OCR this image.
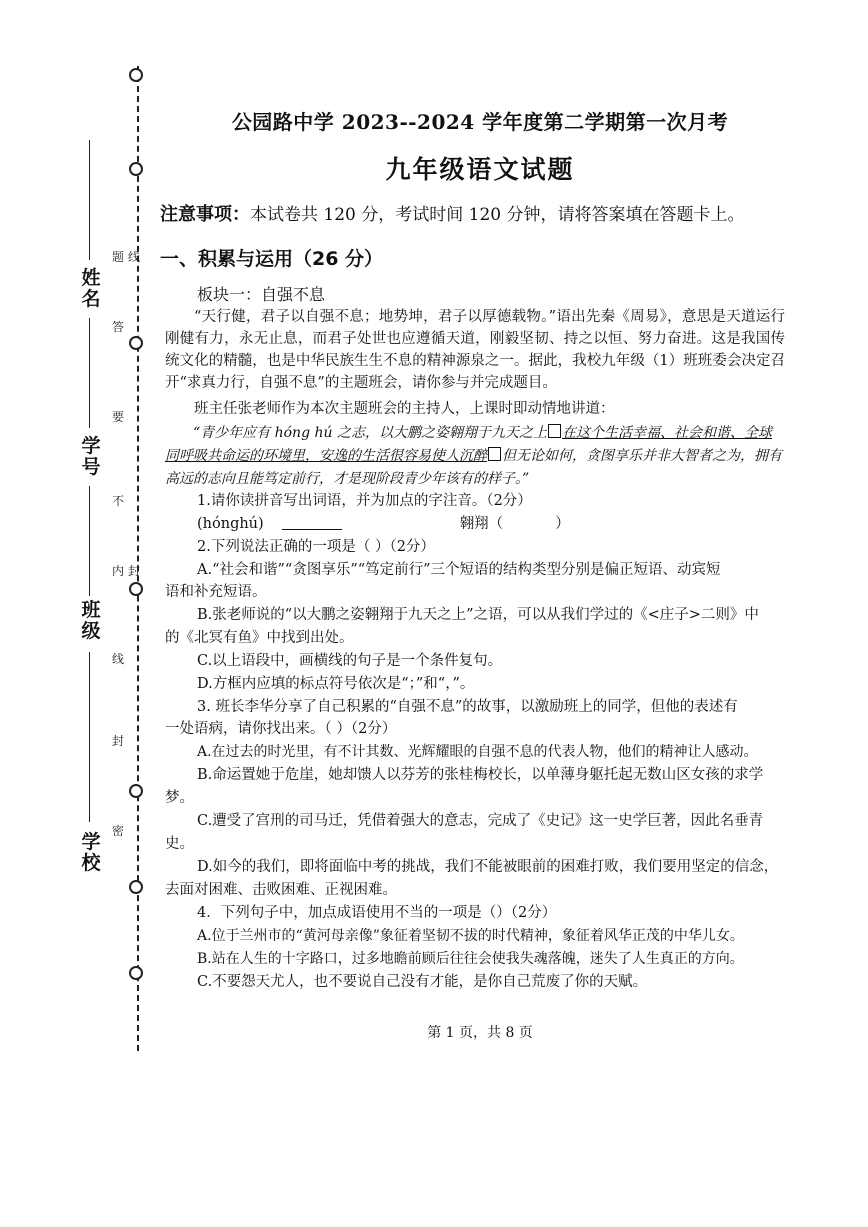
姓名
学号
班级
学校
题 线
答
要
不
内 封
线
封
密
公园路中学 2023--2024 学年度第二学期第一次月考
九年级语文试题
注意事项：本试卷共 120 分，考试时间 120 分钟，请将答案填在答题卡上。
一、积累与运用（26 分）
板块一：自强不息
“天行健，君子以自强不息；地势坤，君子以厚德载物。”语出先秦《周易》，意思是天道运行刚健有力，永无止息，而君子处世也应遵循天道，刚毅坚韧、持之以恒、努力奋进。这是我国传统文化的精髓，也是中华民族生生不息的精神源泉之一。据此，我校九年级（1）班班委会决定召开“求真力行，自强不息”的主题班会，请你参与并完成题目。
班主任张老师作为本次主题班会的主持人，上课时即动情地讲道：
“青少年应有 hóng hú 之志，以大鹏之姿翱翔于九天之上 在这个生活幸福、社会和谐、全球同呼吸共命运的环境里，安逸的生活很容易使人沉醉 但无论如何，贪图享乐并非大智者之为，拥有高远的志向且能笃定前行，才是现阶段青少年该有的样子。”
1.请你读拼音写出词语，并为加点的字注音。（2分）
(hónghú)	翱翔（	）
2.下列说法正确的一项是（ ）（2分）
A.“社会和谐”“贪图享乐”“笃定前行”三个短语的结构类型分别是偏正短语、动宾短
语和补充短语。
B.张老师说的“以大鹏之姿翱翔于九天之上”之语，可以从我们学过的《<庄子>二则》中
的《北冥有鱼》中找到出处。
C.以上语段中，画横线的句子是一个条件复句。
D.方框内应填的标点符号依次是“；”和“，”。
3. 班长李华分享了自己积累的“自强不息”的故事，以激励班上的同学，但他的表述有
一处语病，请你找出来。（ ）（2分）
A.在过去的时光里，有不计其数、光辉耀眼的自强不息的代表人物，他们的精神让人感动。
B.命运置她于危崖，她却馈人以芬芳的张桂梅校长，以单薄身躯托起无数山区女孩的求学
梦。
C.遭受了宫刑的司马迁，凭借着强大的意志，完成了《史记》这一史学巨著，因此名垂青
史。
D.如今的我们，即将面临中考的挑战，我们不能被眼前的困难打败，我们要用坚定的信念，
去面对困难、击败困难、正视困难。
4．下列句子中，加点成语使用不当的一项是（）（2分）
A.位于兰州市的“黄河母亲像”象征着坚韧不拔的时代精神，象征着风华正茂的中华儿女。
B.站在人生的十字路口，过多地瞻前顾后往往会使我失魂落魄，迷失了人生真正的方向。
C.不要怨天尤人，也不要说自己没有才能，是你自己荒废了你的天赋。
第 1 页，共 8 页
